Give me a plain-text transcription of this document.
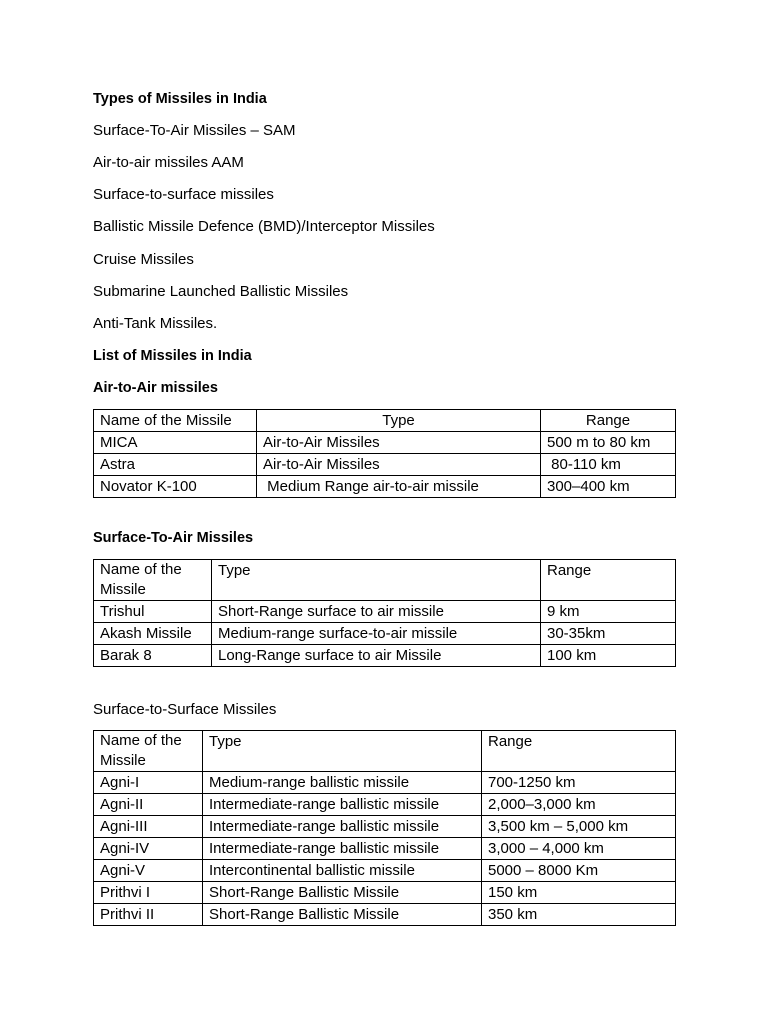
Types of Missiles in India
Surface-To-Air Missiles – SAM
Air-to-air missiles AAM
Surface-to-surface missiles
Ballistic Missile Defence (BMD)/Interceptor Missiles
Cruise Missiles
Submarine Launched Ballistic Missiles
Anti-Tank Missiles.
List of Missiles in India
Air-to-Air missiles
Name of the Missile	Type	Range
MICA	Air-to-Air Missiles	500 m to 80 km
Astra	Air-to-Air Missiles	80-110 km
Novator K-100	Medium Range air-to-air missile	300–400 km
Surface-To-Air Missiles
Name of the Missile	Type	Range
Trishul	Short-Range surface to air missile	9 km
Akash Missile	Medium-range surface-to-air missile	30-35km
Barak 8	Long-Range surface to air Missile	100 km
Surface-to-Surface Missiles
Name of the Missile	Type	Range
Agni-I	Medium-range ballistic missile	700-1250 km
Agni-II	Intermediate-range ballistic missile	2,000–3,000 km
Agni-III	Intermediate-range ballistic missile	3,500 km – 5,000 km
Agni-IV	Intermediate-range ballistic missile	3,000 – 4,000 km
Agni-V	Intercontinental ballistic missile	5000 – 8000 Km
Prithvi I	Short-Range Ballistic Missile	150 km
Prithvi II	Short-Range Ballistic Missile	350 km
